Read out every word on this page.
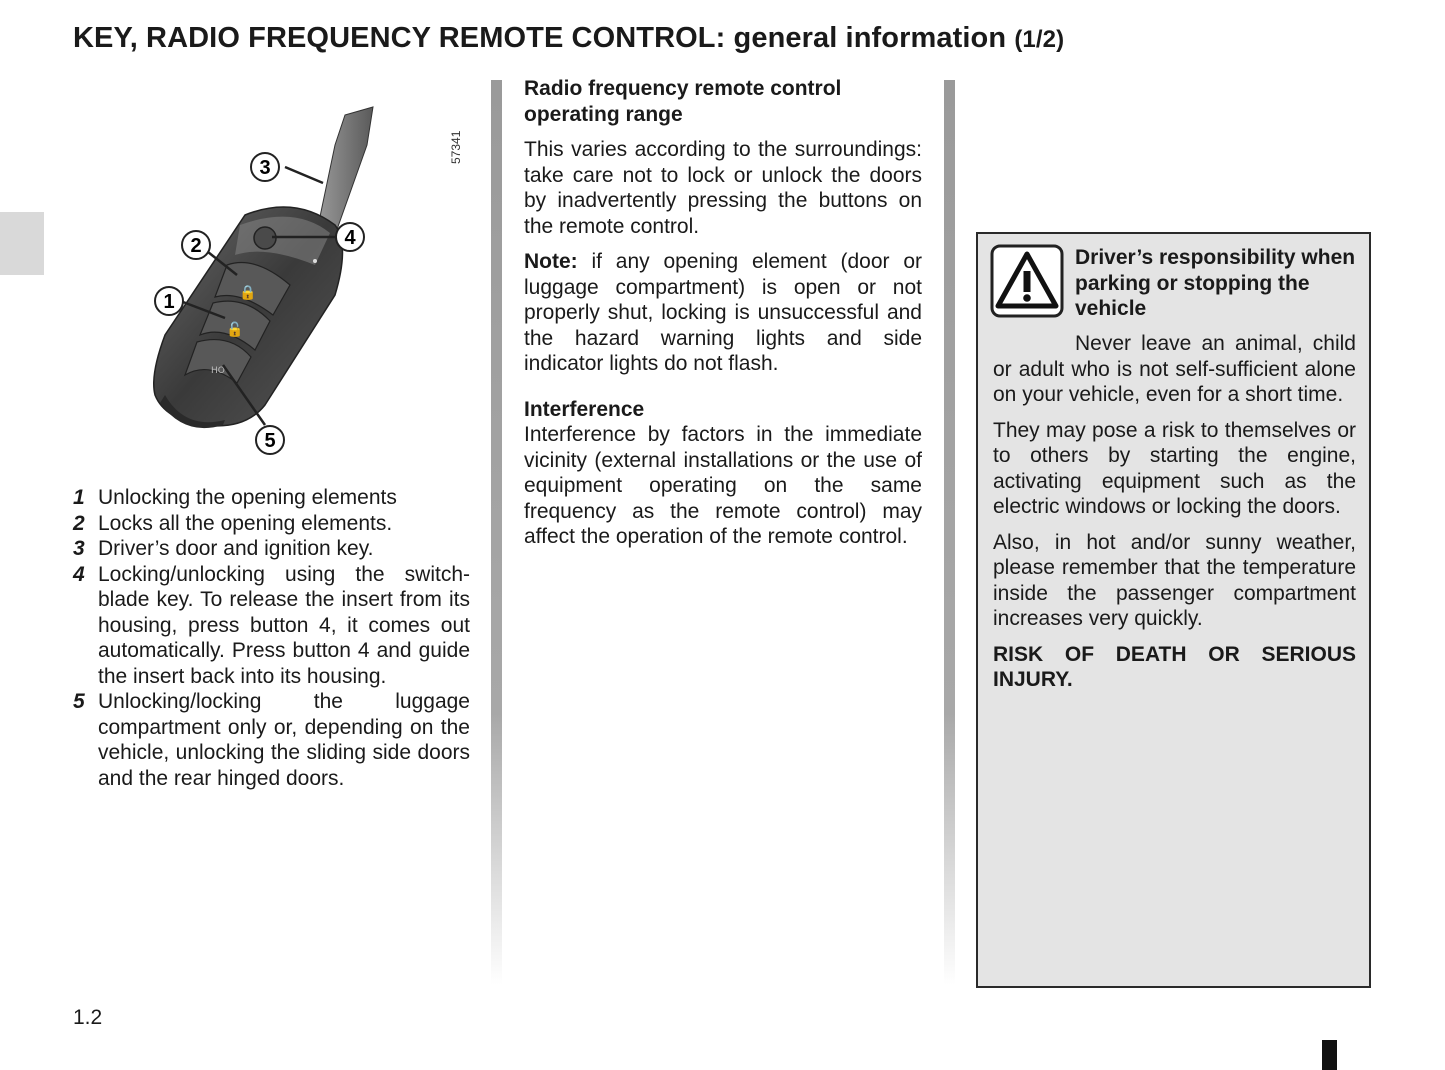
KEY, RADIO FREQUENCY REMOTE CONTROL: general information (1/2)
57341
🔒
🔓
HO
3
4
2
1
5
1 Unlocking the opening elements
2 Locks all the opening elements.
3 Driver’s door and ignition key.
4 Locking/unlocking using the switch-blade key. To release the insert from its housing, press button 4, it comes out automatically. Press button 4 and guide the insert back into its housing.
5 Unlocking/locking the luggage compartment only or, depending on the vehicle, unlocking the sliding side doors and the rear hinged doors.
Radio frequency remote control operating range

This varies according to the surroundings: take care not to lock or unlock the doors by inadvertently pressing the buttons on the remote control.

Note: if any opening element (door or luggage compartment) is open or not properly shut, locking is unsuccessful and the hazard warning lights and side indicator lights do not flash.

Interference

Interference by factors in the immediate vicinity (external installations or the use of equipment operating on the same frequency as the remote control) may affect the operation of the remote control.

Driver’s responsibility when parking or stopping the vehicle

Never leave an animal, child or adult who is not self-sufficient alone on your vehicle, even for a short time.

They may pose a risk to themselves or to others by starting the engine, activating equipment such as the electric windows or locking the doors.

Also, in hot and/or sunny weather, please remember that the temperature inside the passenger compartment increases very quickly.

RISK OF DEATH OR SERIOUS INJURY.

1.2
